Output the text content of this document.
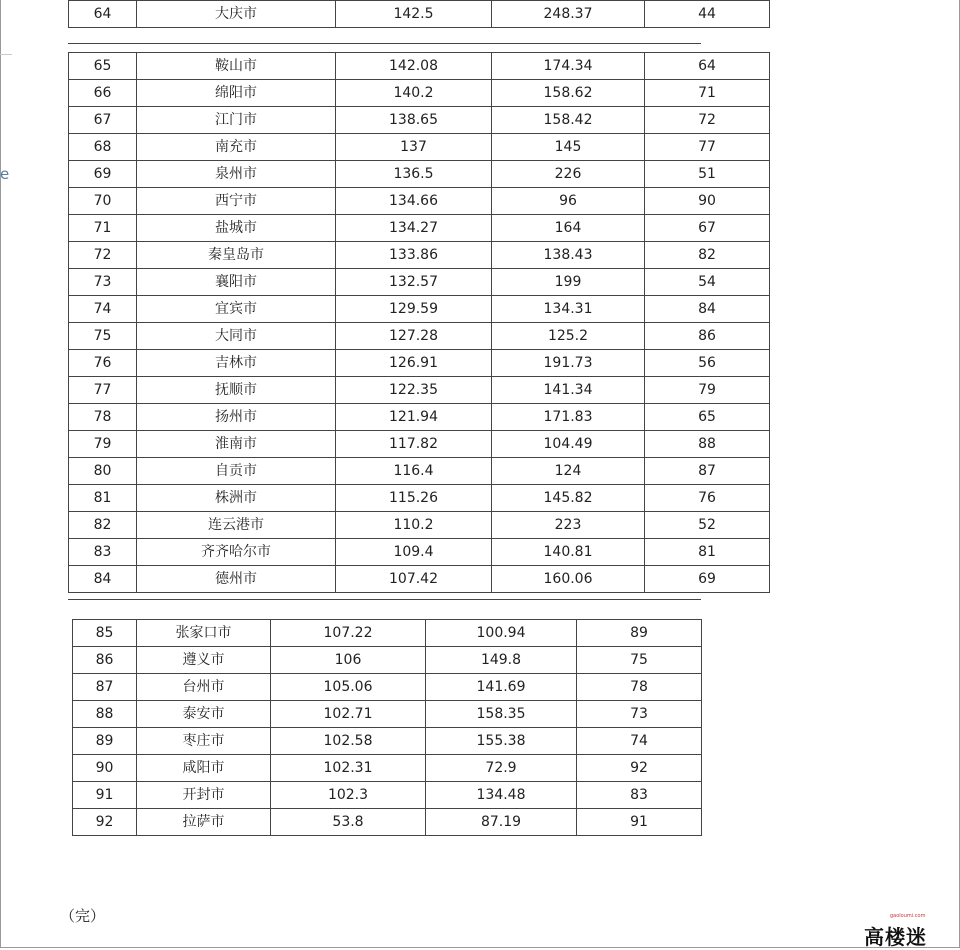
e
64	大庆市	142.5	248.37	44
65	鞍山市	142.08	174.34	64
66	绵阳市	140.2	158.62	71
67	江门市	138.65	158.42	72
68	南充市	137	145	77
69	泉州市	136.5	226	51
70	西宁市	134.66	96	90
71	盐城市	134.27	164	67
72	秦皇岛市	133.86	138.43	82
73	襄阳市	132.57	199	54
74	宜宾市	129.59	134.31	84
75	大同市	127.28	125.2	86
76	吉林市	126.91	191.73	56
77	抚顺市	122.35	141.34	79
78	扬州市	121.94	171.83	65
79	淮南市	117.82	104.49	88
80	自贡市	116.4	124	87
81	株洲市	115.26	145.82	76
82	连云港市	110.2	223	52
83	齐齐哈尔市	109.4	140.81	81
84	德州市	107.42	160.06	69
85	张家口市	107.22	100.94	89
86	遵义市	106	149.8	75
87	台州市	105.06	141.69	78
88	泰安市	102.71	158.35	73
89	枣庄市	102.58	155.38	74
90	咸阳市	102.31	72.9	92
91	开封市	102.3	134.48	83
92	拉萨市	53.8	87.19	91
（完）	gaoloumi.com
高楼迷
